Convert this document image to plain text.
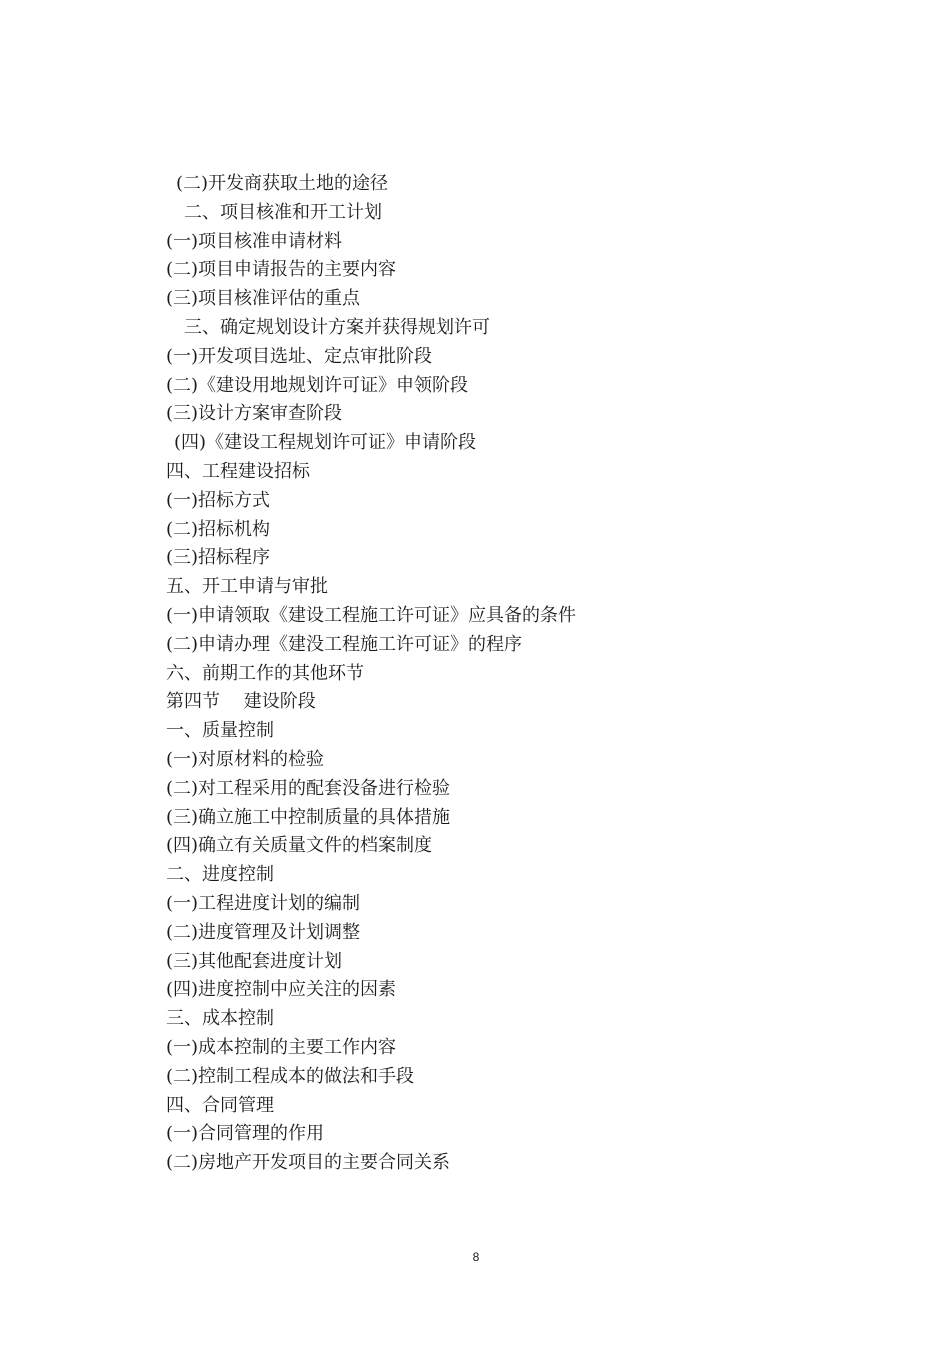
(二)开发商获取土地的途径
二、项目核准和开工计划
(一)项目核准申请材料
(二)项目申请报告的主要内容
(三)项目核准评估的重点
三、确定规划设计方案并获得规划许可
(一)开发项目选址、定点审批阶段
(二)《建设用地规划许可证》申领阶段
(三)设计方案审查阶段
(四)《建设工程规划许可证》申请阶段
四、工程建设招标
(一)招标方式
(二)招标机构
(三)招标程序
五、开工申请与审批
(一)申请领取《建设工程施工许可证》应具备的条件
(二)申请办理《建没工程施工许可证》的程序
六、前期工作的其他环节
第四节　 建设阶段
一、质量控制
(一)对原材料的检验
(二)对工程采用的配套没备进行检验
(三)确立施工中控制质量的具体措施
(四)确立有关质量文件的档案制度
二、进度控制
(一)工程进度计划的编制
(二)进度管理及计划调整
(三)其他配套进度计划
(四)进度控制中应关注的因素
三、成本控制
(一)成本控制的主要工作内容
(二)控制工程成本的做法和手段
四、合同管理
(一)合同管理的作用
(二)房地产开发项目的主要合同关系
8
